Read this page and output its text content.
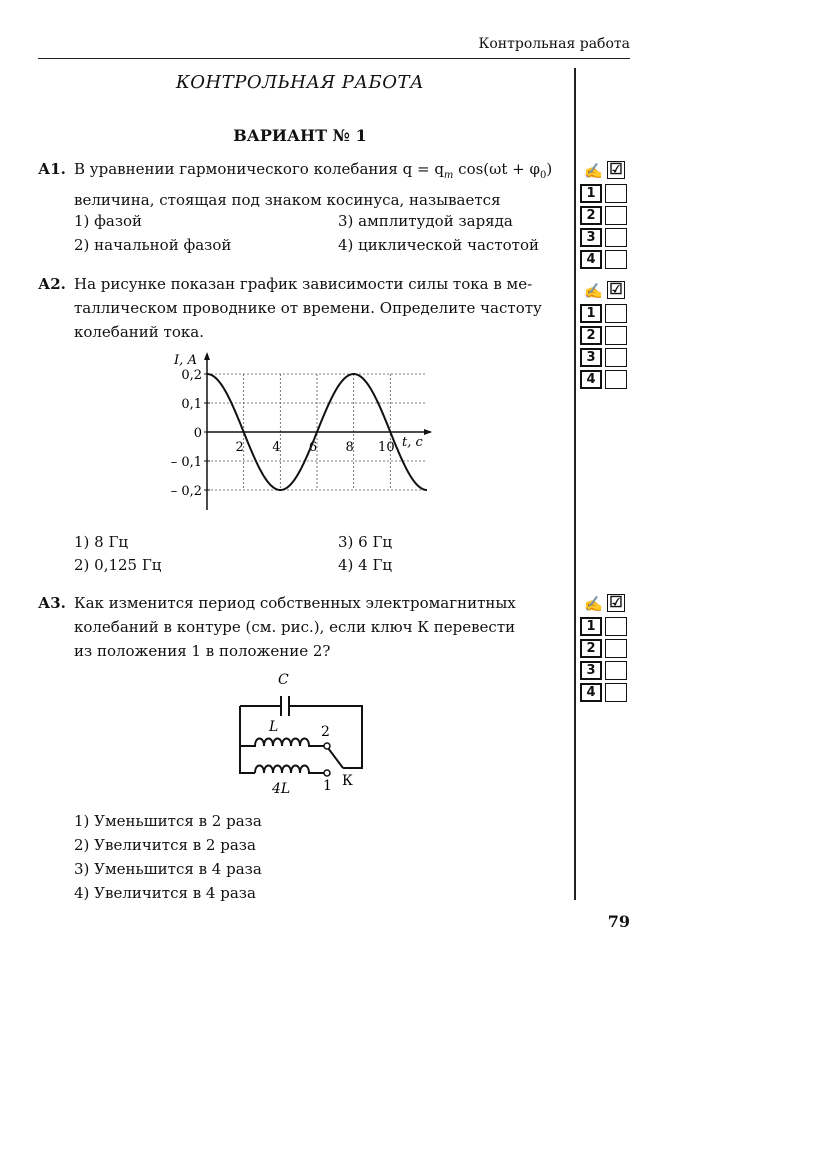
Контрольная работа
КОНТРОЛЬНАЯ РАБОТА
ВАРИАНТ № 1
А1. В уравнении гармонического колебания $q = q_m$ $\cos(\omega t + \varphi_0)$
величина, стоящая под знаком косинуса, называется
1) фазой
2) начальной фазой
3) амплитудой заряда
4) циклической частотой
✍ ☑
1
2
3
4
А2. На рисунке показан график зависимости силы тока в ме-
таллическом проводнике от времени. Определите частоту
колебаний тока.
✍ ☑
1
2
3
4
0,2
0,1
0
– 0,1
– 0,2
2 4 6 8 10
I, А
t, с
1) 8 Гц
2) 0,125 Гц
3) 6 Гц
4) 4 Гц
А3. Как изменится период собственных электромагнитных
колебаний в контуре (см. рис.), если ключ К перевести
из положения 1 в положение 2?
✍ ☑
1
2
3
4
C
L
4L
2
1 К
1) Уменьшится в 2 раза
2) Увеличится в 2 раза
3) Уменьшится в 4 раза
4) Увеличится в 4 раза
79
